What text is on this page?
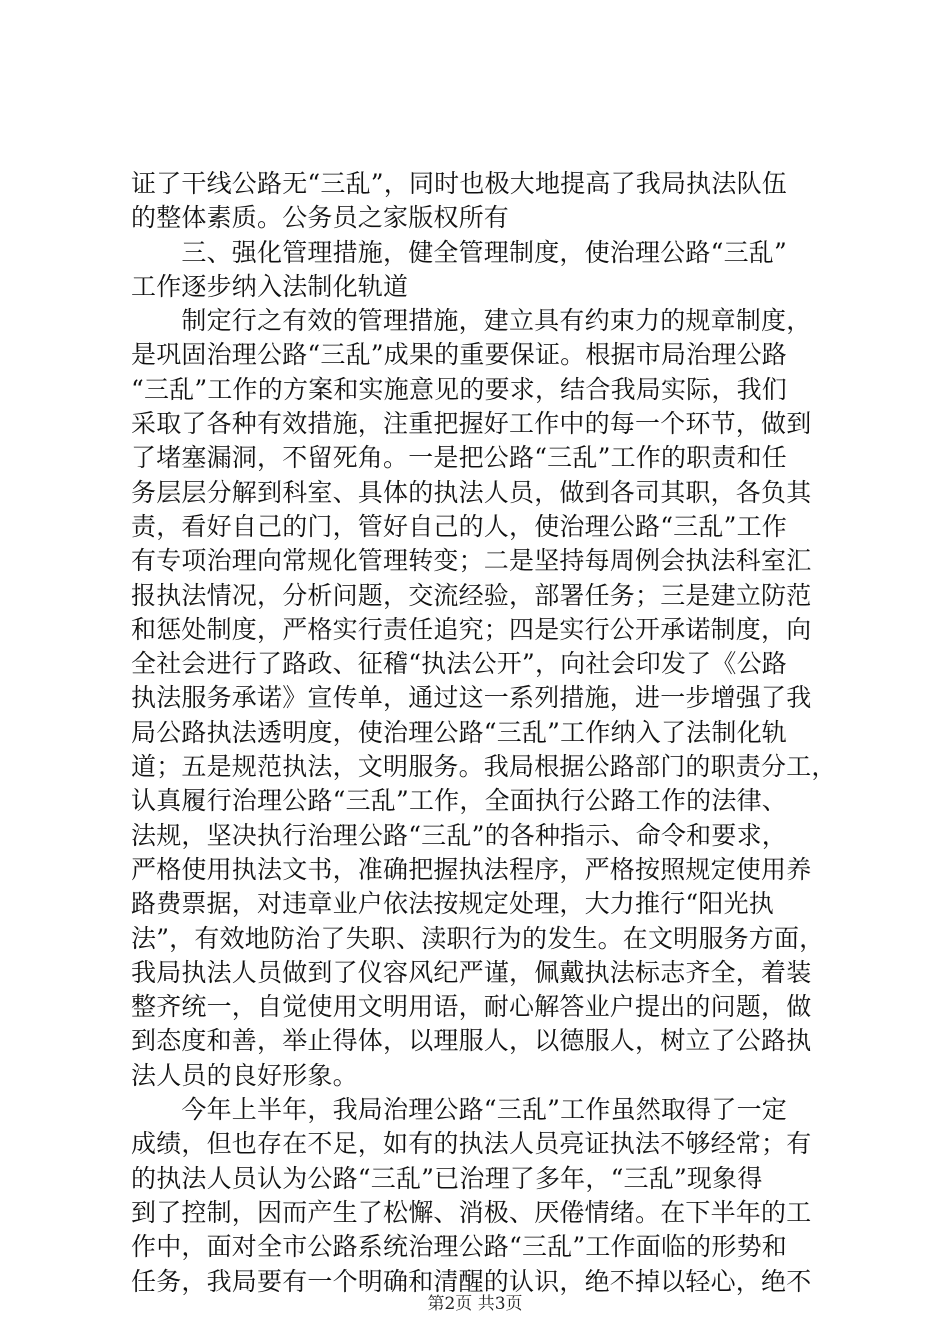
证了干线公路无“三乱”，同时也极大地提高了我局执法队伍
的整体素质。公务员之家版权所有
　　三、强化管理措施，健全管理制度，使治理公路“三乱”
工作逐步纳入法制化轨道
　　制定行之有效的管理措施，建立具有约束力的规章制度，
是巩固治理公路“三乱”成果的重要保证。根据市局治理公路
“三乱”工作的方案和实施意见的要求，结合我局实际，我们
采取了各种有效措施，注重把握好工作中的每一个环节，做到
了堵塞漏洞，不留死角。一是把公路“三乱”工作的职责和任
务层层分解到科室、具体的执法人员，做到各司其职，各负其
责，看好自己的门，管好自己的人，使治理公路“三乱”工作
有专项治理向常规化管理转变；二是坚持每周例会执法科室汇
报执法情况，分析问题，交流经验，部署任务；三是建立防范
和惩处制度，严格实行责任追究；四是实行公开承诺制度，向
全社会进行了路政、征稽“执法公开”，向社会印发了《公路
执法服务承诺》宣传单，通过这一系列措施，进一步增强了我
局公路执法透明度，使治理公路“三乱”工作纳入了法制化轨
道；五是规范执法，文明服务。我局根据公路部门的职责分工，
认真履行治理公路“三乱”工作，全面执行公路工作的法律、
法规，坚决执行治理公路“三乱”的各种指示、命令和要求，
严格使用执法文书，准确把握执法程序，严格按照规定使用养
路费票据，对违章业户依法按规定处理，大力推行“阳光执
法”，有效地防治了失职、渎职行为的发生。在文明服务方面，
我局执法人员做到了仪容风纪严谨，佩戴执法标志齐全，着装
整齐统一，自觉使用文明用语，耐心解答业户提出的问题，做
到态度和善，举止得体，以理服人，以德服人，树立了公路执
法人员的良好形象。
　　今年上半年，我局治理公路“三乱”工作虽然取得了一定
成绩，但也存在不足，如有的执法人员亮证执法不够经常；有
的执法人员认为公路“三乱”已治理了多年，“三乱”现象得
到了控制，因而产生了松懈、消极、厌倦情绪。在下半年的工
作中，面对全市公路系统治理公路“三乱”工作面临的形势和
任务，我局要有一个明确和清醒的认识，绝不掉以轻心，绝不
第2页 共3页
